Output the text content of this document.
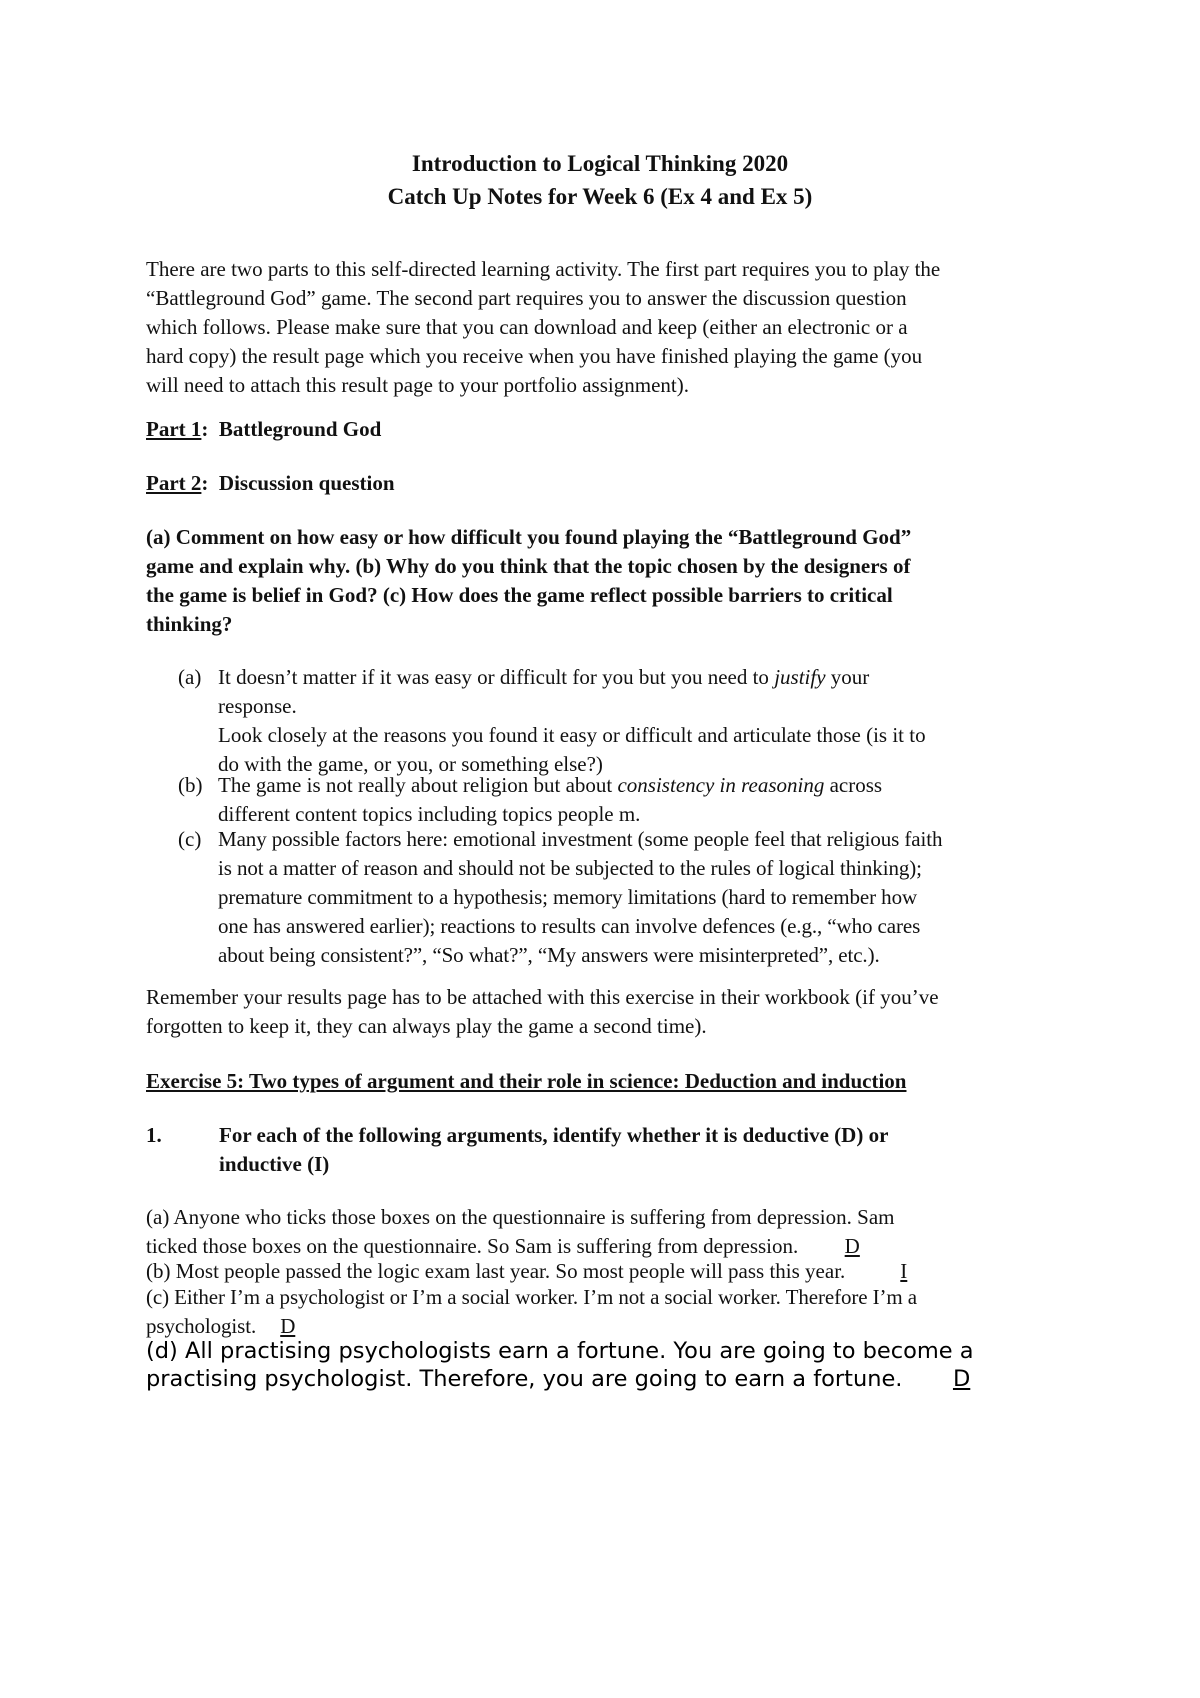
Introduction to Logical Thinking 2020
Catch Up Notes for Week 6 (Ex 4 and Ex 5)
There are two parts to this self-directed learning activity. The first part requires you to play the
“Battleground God” game. The second part requires you to answer the discussion question
which follows. Please make sure that you can download and keep (either an electronic or a
hard copy) the result page which you receive when you have finished playing the game (you
will need to attach this result page to your portfolio assignment).
Part 1: Battleground God
Part 2: Discussion question
(a) Comment on how easy or how difficult you found playing the “Battleground God”
game and explain why. (b) Why do you think that the topic chosen by the designers of
the game is belief in God? (c) How does the game reflect possible barriers to critical
thinking?
(a) It doesn’t matter if it was easy or difficult for you but you need to justify your
response.
Look closely at the reasons you found it easy or difficult and articulate those (is it to
do with the game, or you, or something else?)
(b) The game is not really about religion but about consistency in reasoning across
different content topics including topics people m.
(c) Many possible factors here: emotional investment (some people feel that religious faith
is not a matter of reason and should not be subjected to the rules of logical thinking);
premature commitment to a hypothesis; memory limitations (hard to remember how
one has answered earlier); reactions to results can involve defences (e.g., “who cares
about being consistent?”, “So what?”, “My answers were misinterpreted”, etc.).
Remember your results page has to be attached with this exercise in their workbook (if you’ve
forgotten to keep it, they can always play the game a second time).
Exercise 5: Two types of argument and their role in science: Deduction and induction
1.	For each of the following arguments, identify whether it is deductive (D) or
inductive (I)
(a) Anyone who ticks those boxes on the questionnaire is suffering from depression. Sam
ticked those boxes on the questionnaire. So Sam is suffering from depression. D
(b) Most people passed the logic exam last year. So most people will pass this year.	I
(c) Either I’m a psychologist or I’m a social worker. I’m not a social worker. Therefore I’m a
psychologist. D
(d) All practising psychologists earn a fortune. You are going to become a
practising psychologist. Therefore, you are going to earn a fortune. D
